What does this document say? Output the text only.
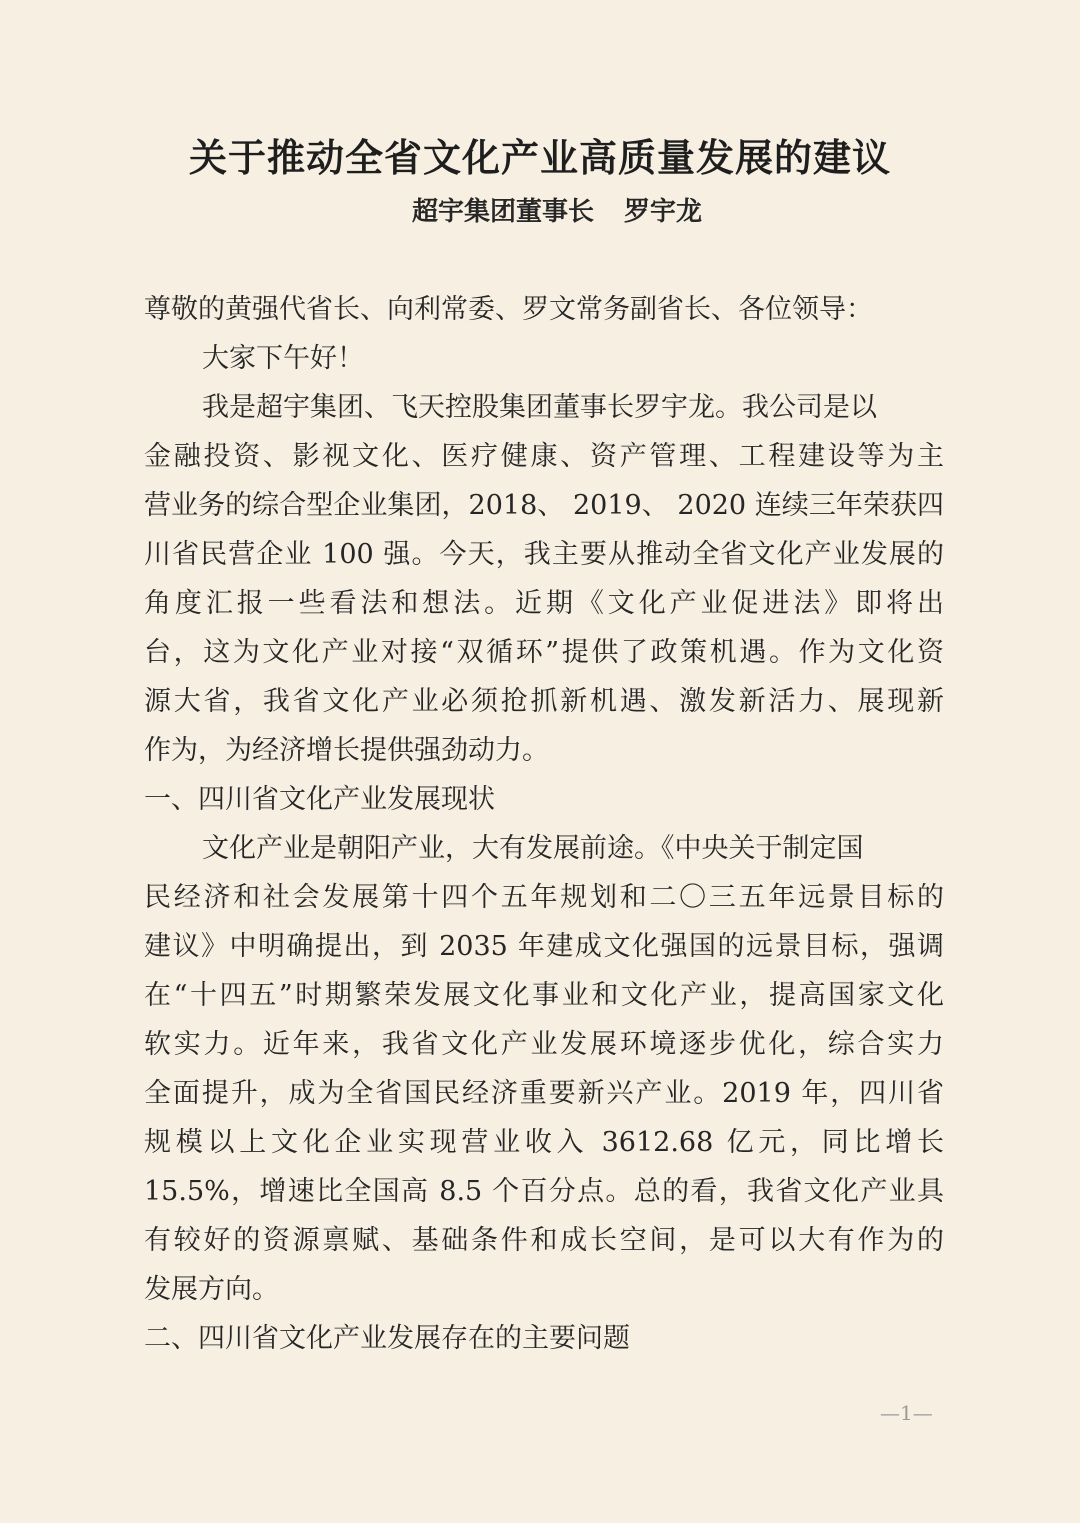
关于推动全省文化产业高质量发展的建议
超宇集团董事长 罗宇龙
尊敬的黄强代省长、向利常委、罗文常务副省长、各位领导：
大家下午好！
我是超宇集团、飞天控股集团董事长罗宇龙。我公司是以
金融投资、影视文化、医疗健康、资产管理、工程建设等为主
营业务的综合型企业集团，2018、 2019、 2020 连续三年荣获四
川省民营企业 100 强。今天，我主要从推动全省文化产业发展的
角度汇报一些看法和想法。近期《文化产业促进法》即将出
台，这为文化产业对接“双循环”提供了政策机遇。作为文化资
源大省，我省文化产业必须抢抓新机遇、激发新活力、展现新
作为，为经济增长提供强劲动力。
一、四川省文化产业发展现状
文化产业是朝阳产业，大有发展前途。《中央关于制定国
民经济和社会发展第十四个五年规划和二〇三五年远景目标的
建议》中明确提出，到 2035 年建成文化强国的远景目标，强调
在“十四五”时期繁荣发展文化事业和文化产业，提高国家文化
软实力。近年来，我省文化产业发展环境逐步优化，综合实力
全面提升，成为全省国民经济重要新兴产业。2019 年，四川省
规模以上文化企业实现营业收入 3612.68 亿元，同比增长
15.5%，增速比全国高 8.5 个百分点。总的看，我省文化产业具
有较好的资源禀赋、基础条件和成长空间，是可以大有作为的
发展方向。
二、四川省文化产业发展存在的主要问题
—1—
